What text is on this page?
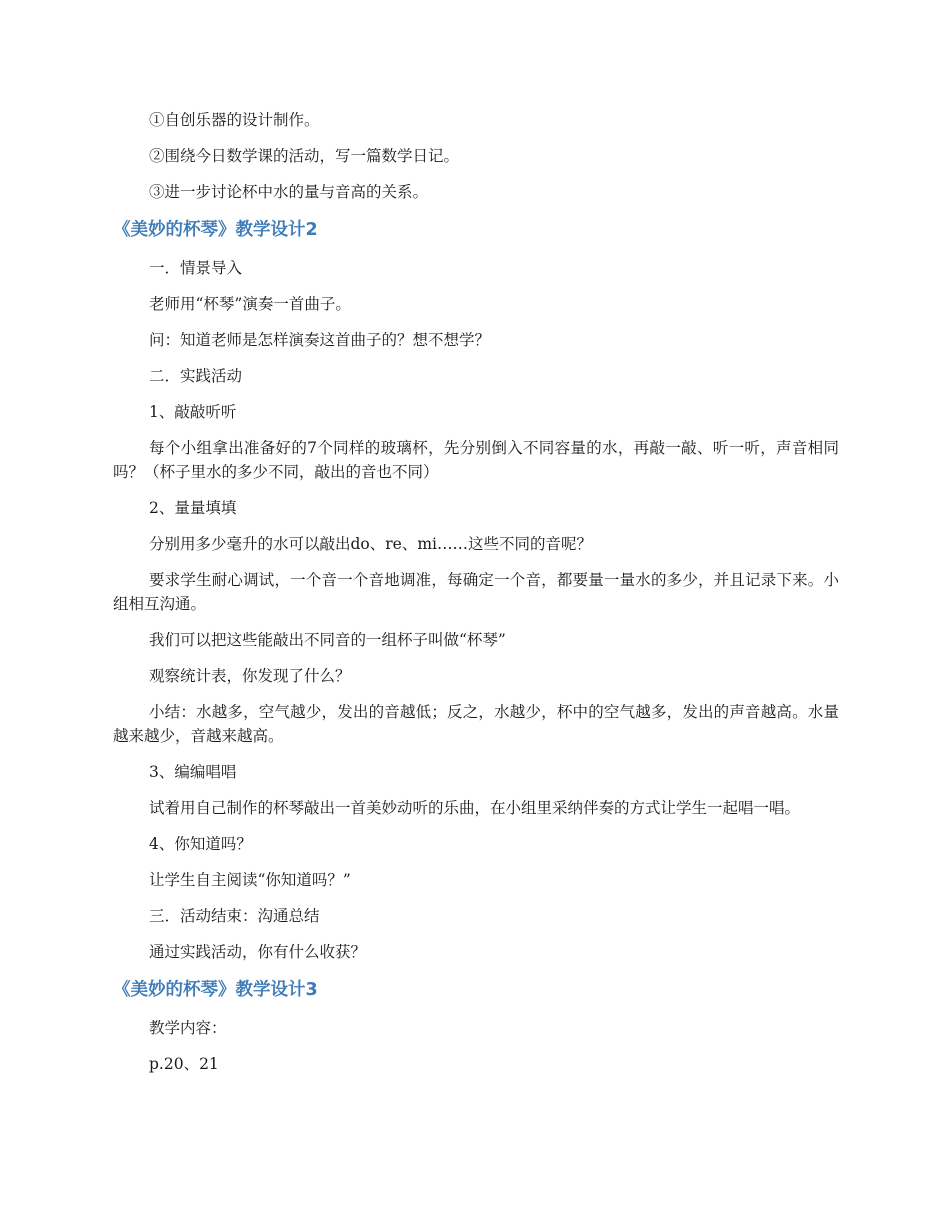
①自创乐器的设计制作。

②围绕今日数学课的活动，写一篇数学日记。

③进一步讨论杯中水的量与音高的关系。

《美妙的杯琴》教学设计2

一．情景导入

老师用“杯琴”演奏一首曲子。

问：知道老师是怎样演奏这首曲子的？想不想学？

二．实践活动

1、敲敲听听

每个小组拿出准备好的7个同样的玻璃杯，先分别倒入不同容量的水，再敲一敲、听一听，声音相同吗？（杯子里水的多少不同，敲出的音也不同）

2、量量填填

分别用多少毫升的水可以敲出do、re、mi……这些不同的音呢？

要求学生耐心调试，一个音一个音地调准，每确定一个音，都要量一量水的多少，并且记录下来。小组相互沟通。

我们可以把这些能敲出不同音的一组杯子叫做“杯琴”

观察统计表，你发现了什么？

小结：水越多，空气越少，发出的音越低；反之，水越少，杯中的空气越多，发出的声音越高。水量越来越少，音越来越高。

3、编编唱唱

试着用自己制作的杯琴敲出一首美妙动听的乐曲，在小组里采纳伴奏的方式让学生一起唱一唱。

4、你知道吗？

让学生自主阅读“你知道吗？”

三．活动结束：沟通总结

通过实践活动，你有什么收获？

《美妙的杯琴》教学设计3

教学内容：

p.20、21
